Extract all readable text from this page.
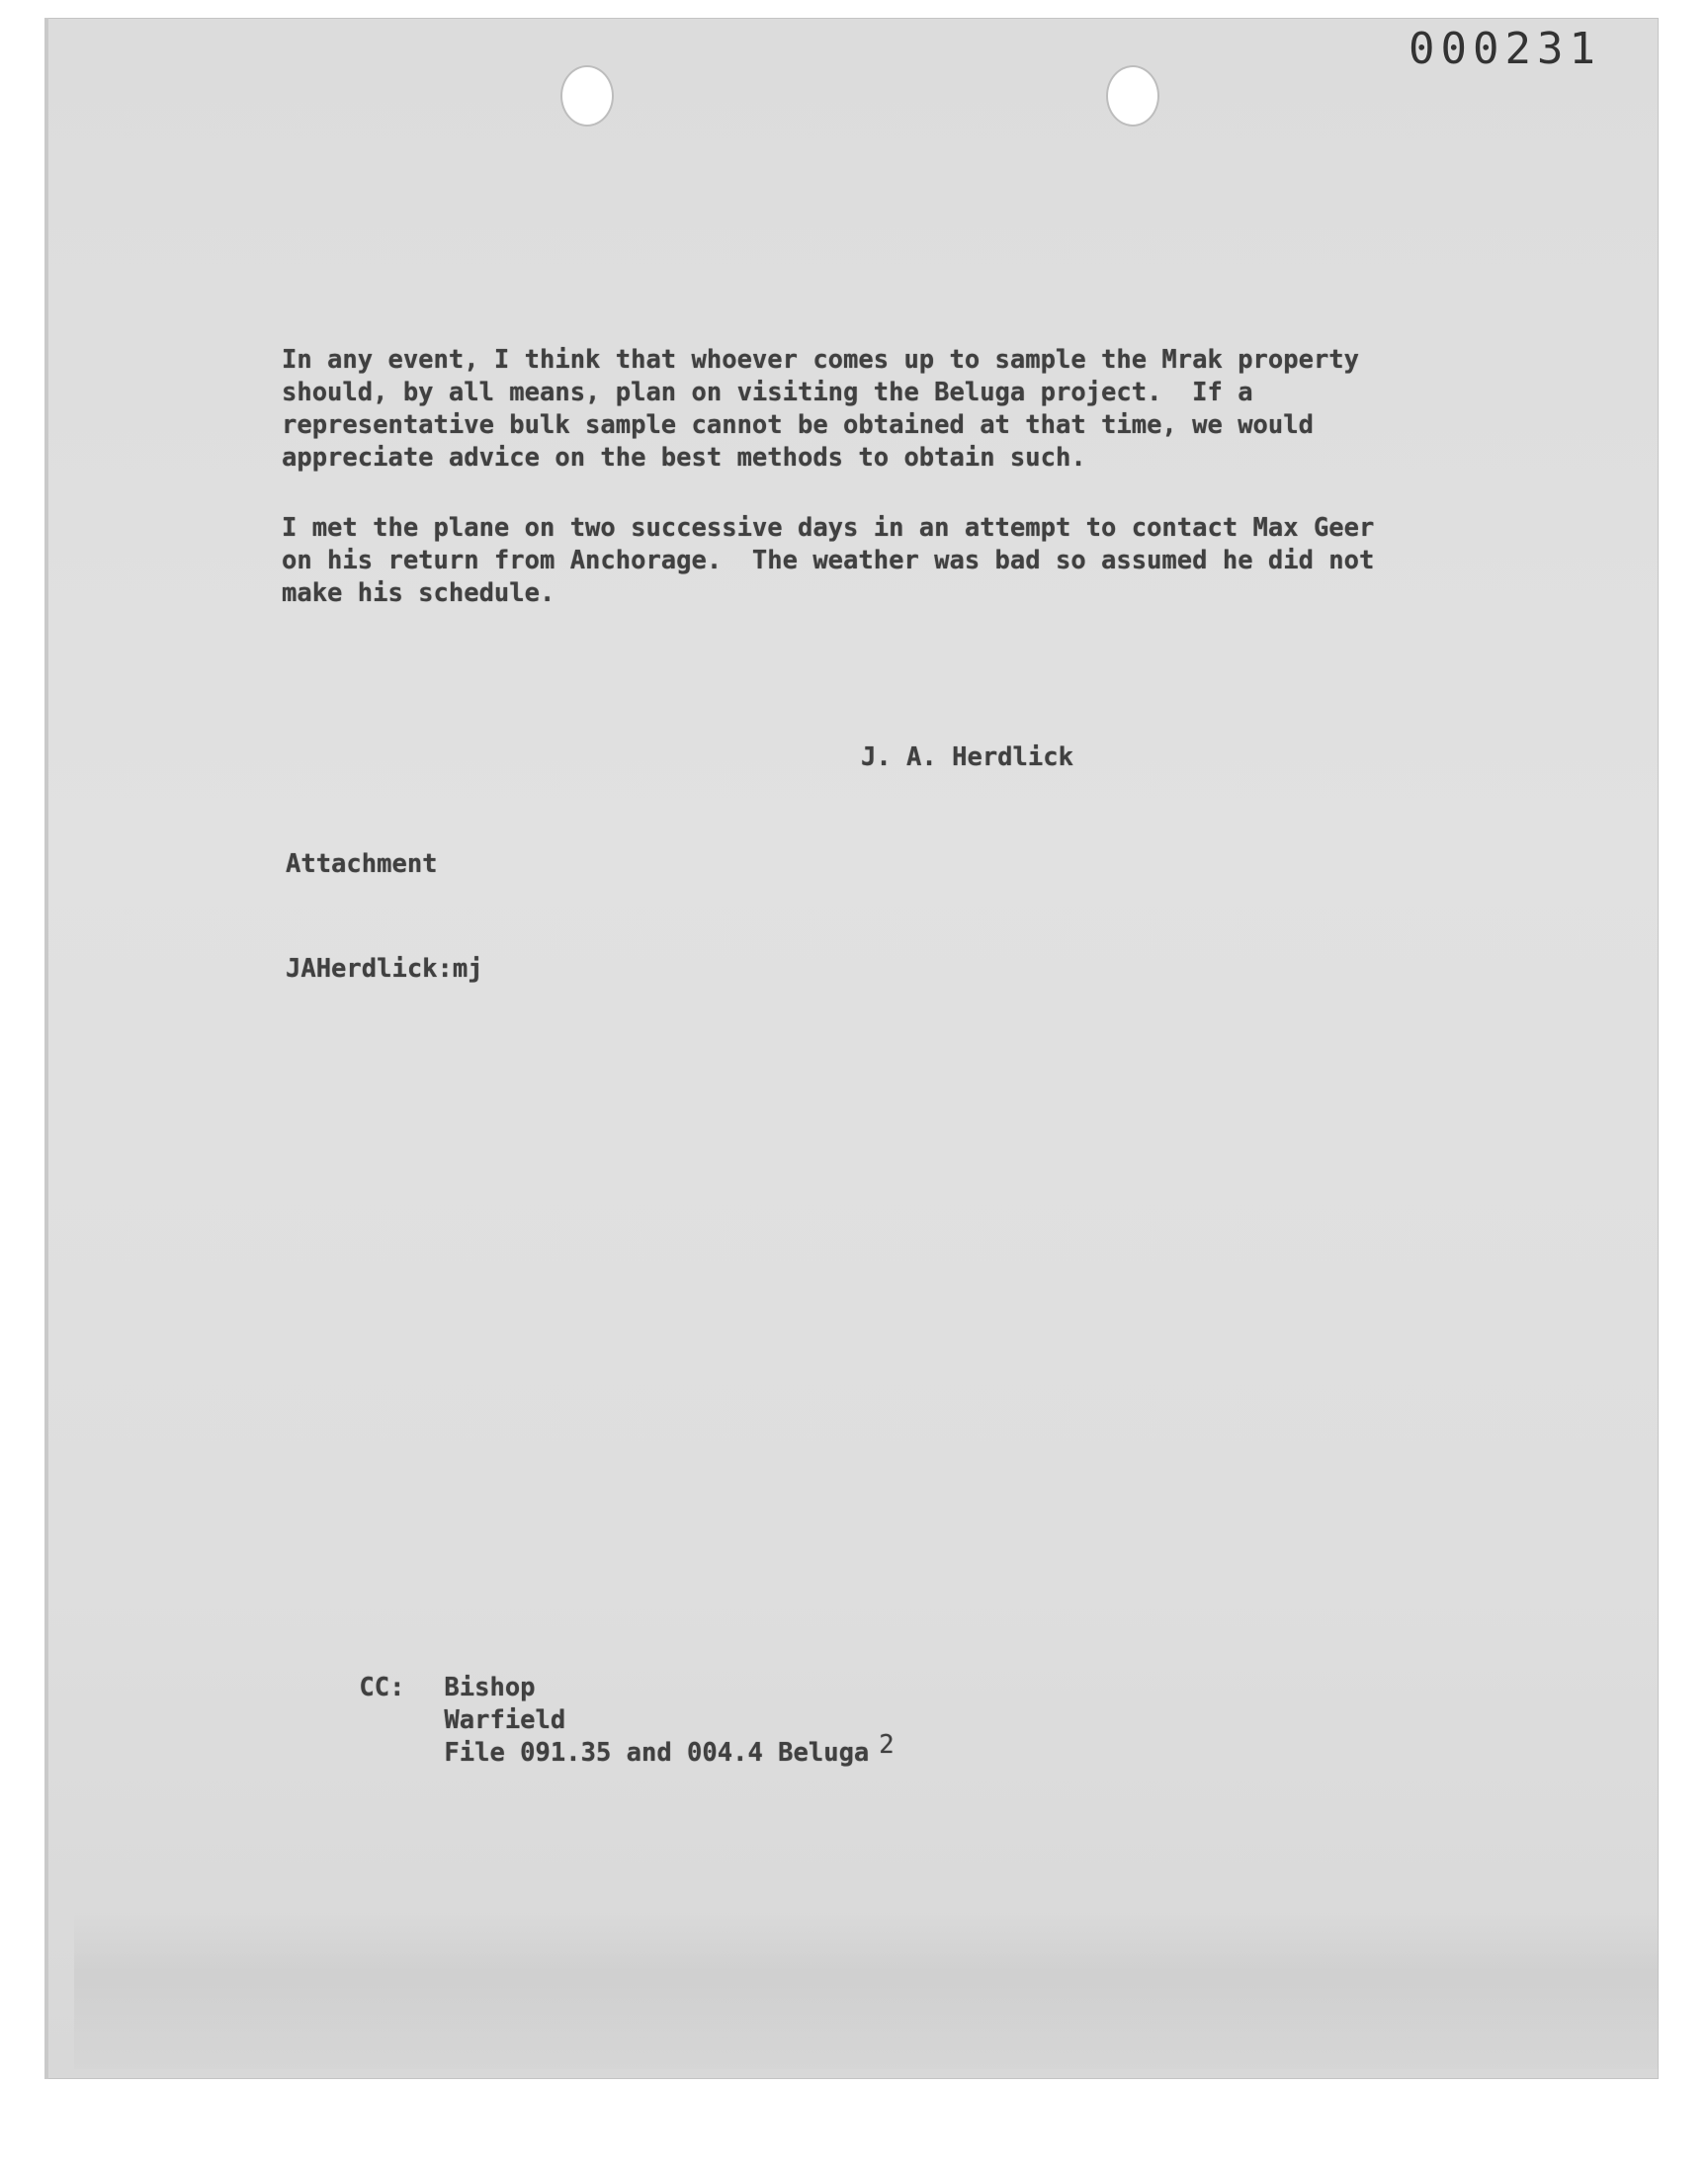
000231

In any event, I think that whoever comes up to sample the Mrak property
should, by all means, plan on visiting the Beluga project.  If a
representative bulk sample cannot be obtained at that time, we would
appreciate advice on the best methods to obtain such.

I met the plane on two successive days in an attempt to contact Max Geer
on his return from Anchorage.  The weather was bad so assumed he did not
make his schedule.

J. A. Herdlick
Attachment
JAHerdlick:mj

CC: Bishop
Warfield
File 091.35 and 004.4 Beluga 2
